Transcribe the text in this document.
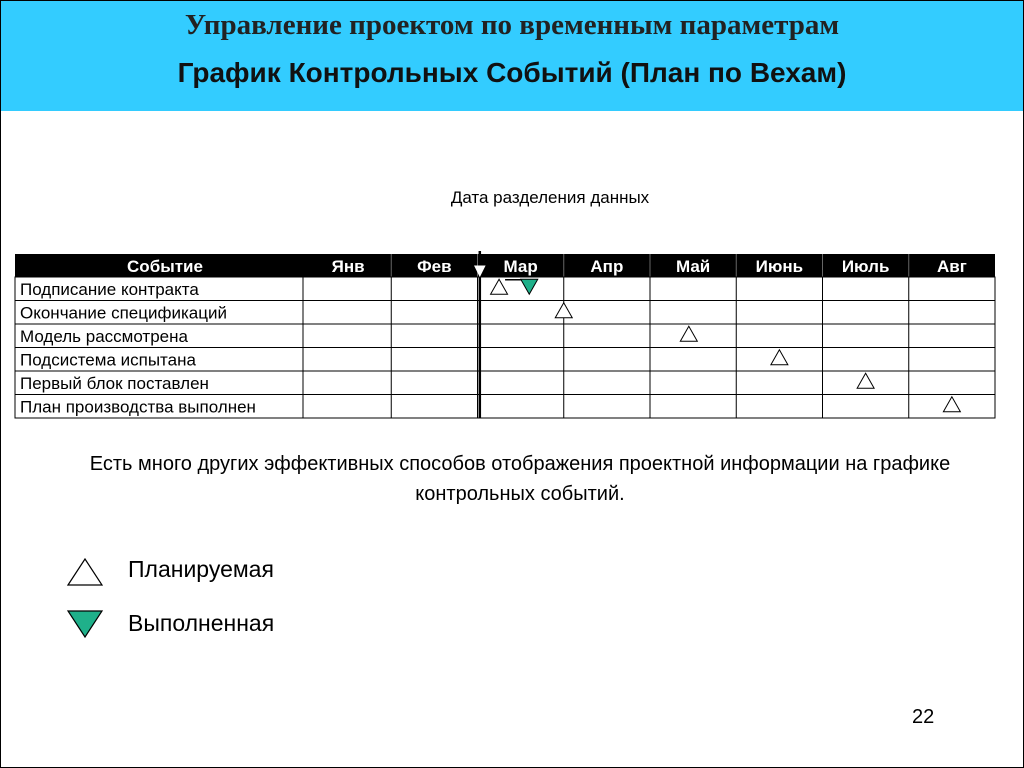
Управление проектом по временным параметрам
График Контрольных Событий (План по Вехам)
Дата разделения данных
Событие	Янв	Фев	Мар	Апр	Май	Июнь Июль	Авг
Подписание контракта
Окончание спецификаций
Модель рассмотрена
Подсистема испытана
Первый блок поставлен
План производства выполнен
Есть много других эффективных способов отображения проектной информации на графике контрольных событий.
Планируемая
Выполненная
22
